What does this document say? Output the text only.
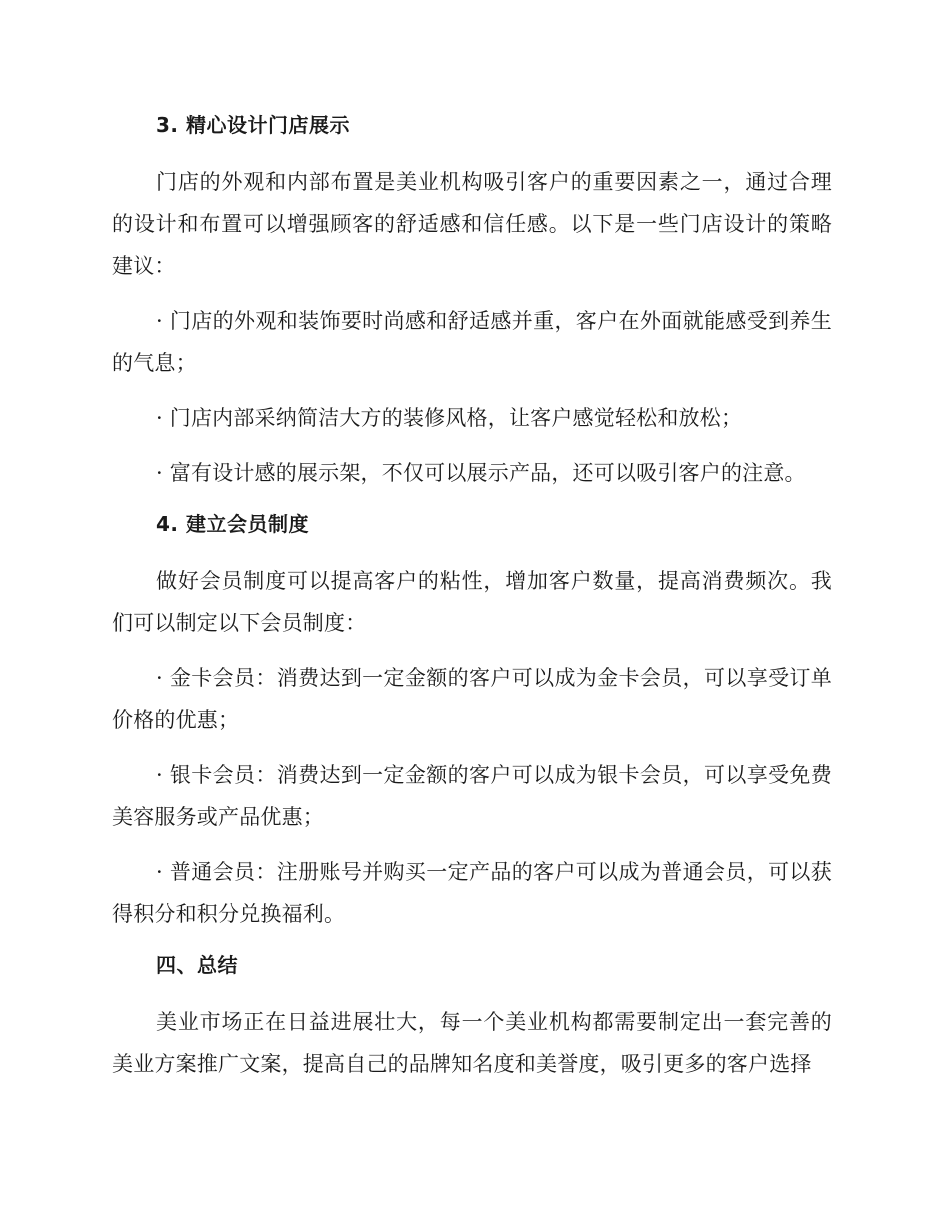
3. 精心设计门店展示
门店的外观和内部布置是美业机构吸引客户的重要因素之一，通过合理的设计和布置可以增强顾客的舒适感和信任感。以下是一些门店设计的策略建议：
· 门店的外观和装饰要时尚感和舒适感并重，客户在外面就能感受到养生的气息；
· 门店内部采纳简洁大方的装修风格，让客户感觉轻松和放松；
· 富有设计感的展示架，不仅可以展示产品，还可以吸引客户的注意。
4. 建立会员制度
做好会员制度可以提高客户的粘性，增加客户数量，提高消费频次。我们可以制定以下会员制度：
· 金卡会员：消费达到一定金额的客户可以成为金卡会员，可以享受订单价格的优惠；
· 银卡会员：消费达到一定金额的客户可以成为银卡会员，可以享受免费美容服务或产品优惠；
· 普通会员：注册账号并购买一定产品的客户可以成为普通会员，可以获得积分和积分兑换福利。
四、总结
美业市场正在日益进展壮大，每一个美业机构都需要制定出一套完善的美业方案推广文案，提高自己的品牌知名度和美誉度，吸引更多的客户选择
